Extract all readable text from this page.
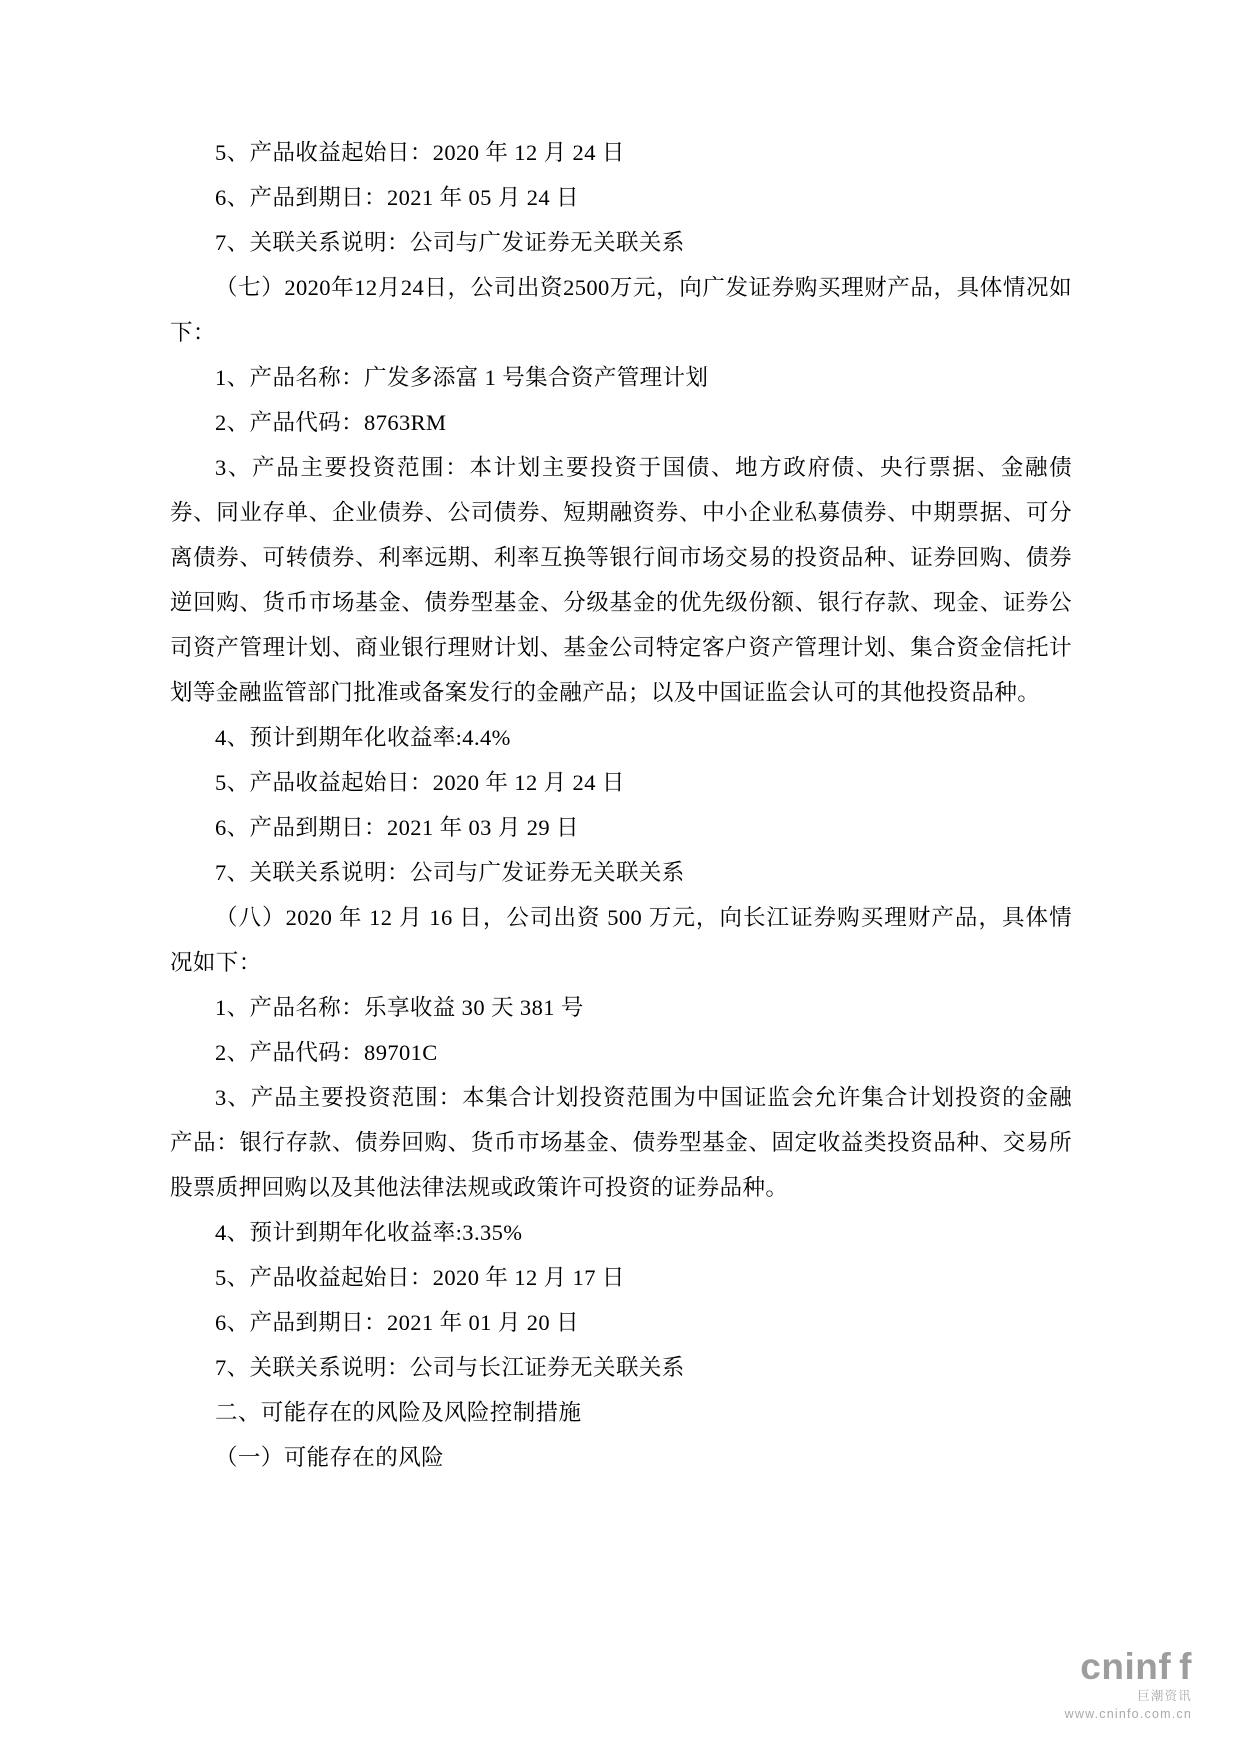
5、产品收益起始日：2020 年 12 月 24 日

6、产品到期日：2021 年 05 月 24 日

7、关联关系说明：公司与广发证券无关联关系

（七）2020年12月24日，公司出资2500万元，向广发证券购买理财产品，具体情况如下：

1、产品名称：广发多添富 1 号集合资产管理计划

2、产品代码：8763RM

3、产品主要投资范围：本计划主要投资于国债、地方政府债、央行票据、金融债券、同业存单、企业债券、公司债券、短期融资券、中小企业私募债券、中期票据、可分离债券、可转债券、利率远期、利率互换等银行间市场交易的投资品种、证券回购、债券逆回购、货币市场基金、债券型基金、分级基金的优先级份额、银行存款、现金、证券公司资产管理计划、商业银行理财计划、基金公司特定客户资产管理计划、集合资金信托计划等金融监管部门批准或备案发行的金融产品；以及中国证监会认可的其他投资品种。

4、预计到期年化收益率:4.4%

5、产品收益起始日：2020 年 12 月 24 日

6、产品到期日：2021 年 03 月 29 日

7、关联关系说明：公司与广发证券无关联关系

（八）2020 年 12 月 16 日，公司出资 500 万元，向长江证券购买理财产品，具体情况如下：

1、产品名称：乐享收益 30 天 381 号

2、产品代码：89701C

3、产品主要投资范围：本集合计划投资范围为中国证监会允许集合计划投资的金融产品：银行存款、债券回购、货币市场基金、债券型基金、固定收益类投资品种、交易所股票质押回购以及其他法律法规或政策许可投资的证券品种。

4、预计到期年化收益率:3.35%

5、产品收益起始日：2020 年 12 月 17 日

6、产品到期日：2021 年 01 月 20 日

7、关联关系说明：公司与长江证券无关联关系

二、可能存在的风险及风险控制措施

（一）可能存在的风险

cninf f
巨潮资讯
www.cninfo.com.cn
